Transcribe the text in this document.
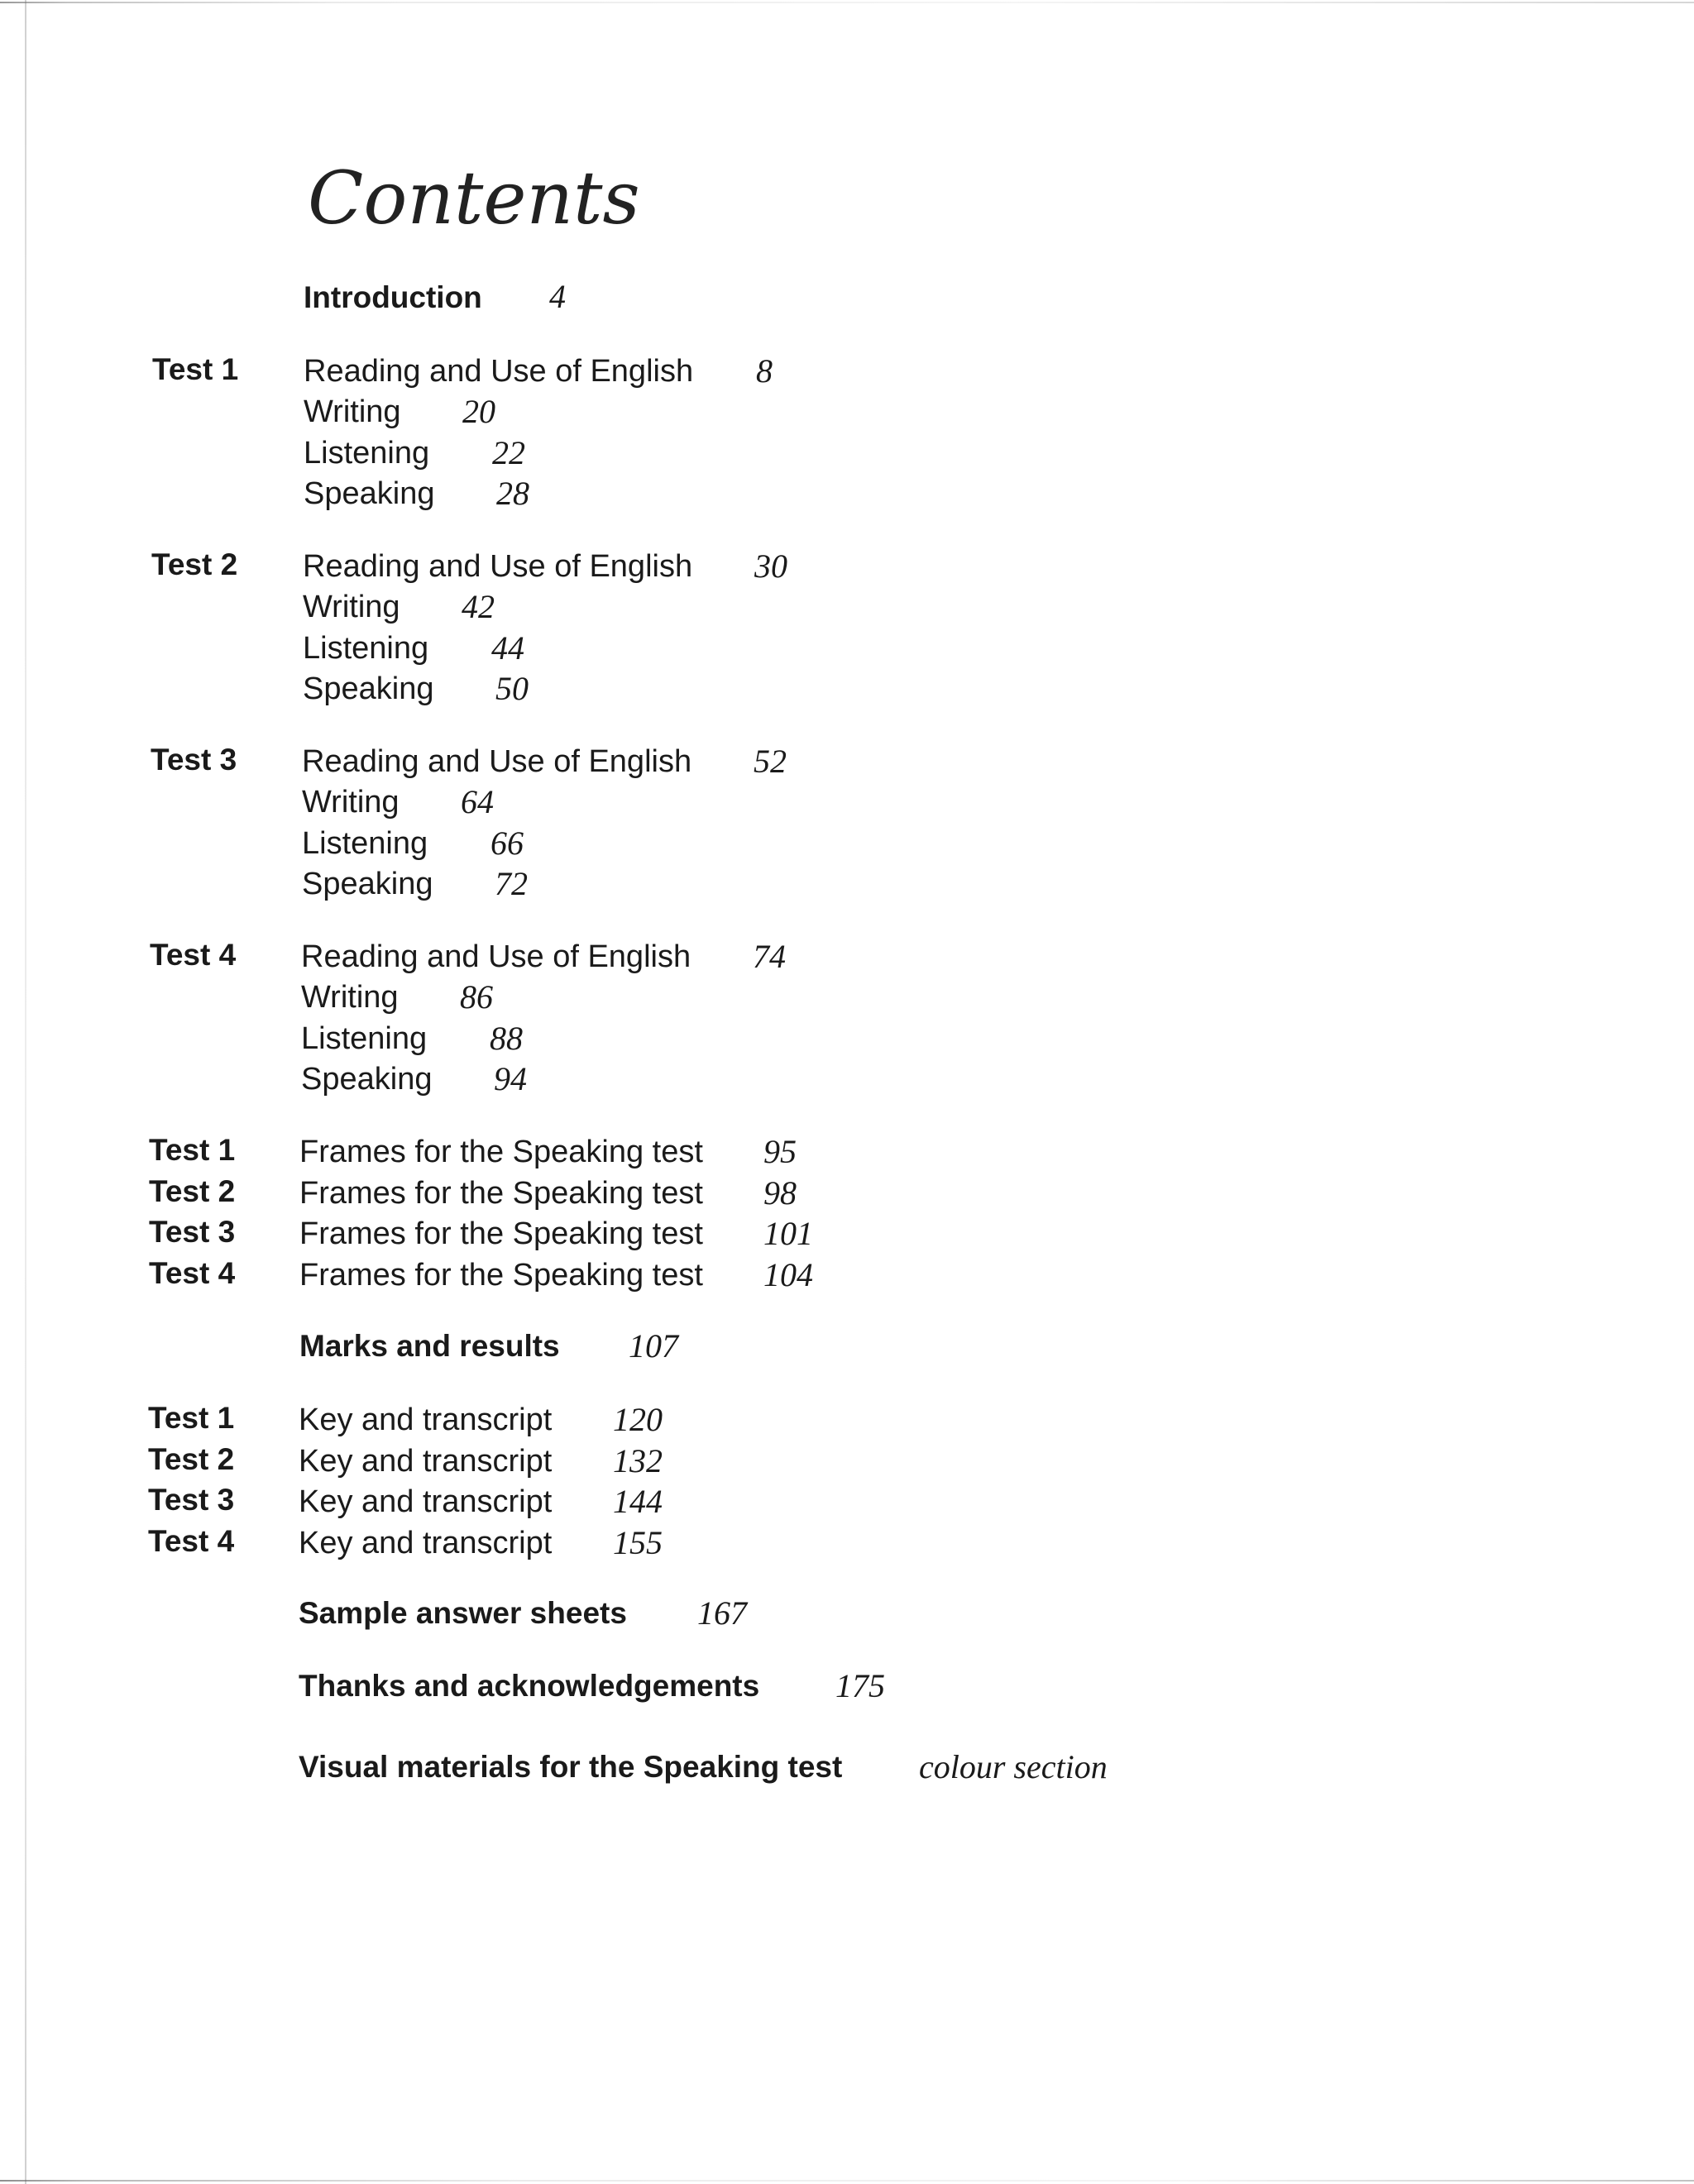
Contents
Introduction 4
Test 1 Reading and Use of English 8
Writing 20
Listening 22
Speaking 28
Test 2 Reading and Use of English 30
Writing 42
Listening 44
Speaking 50
Test 3 Reading and Use of English 52
Writing 64
Listening 66
Speaking 72
Test 4 Reading and Use of English 74
Writing 86
Listening 88
Speaking 94
Test 1 Frames for the Speaking test 95
Test 2 Frames for the Speaking test 98
Test 3 Frames for the Speaking test 101
Test 4 Frames for the Speaking test 104
Marks and results 107
Test 1 Key and transcript 120
Test 2 Key and transcript 132
Test 3 Key and transcript 144
Test 4 Key and transcript 155
Sample answer sheets 167
Thanks and acknowledgements 175
Visual materials for the Speaking test colour section
